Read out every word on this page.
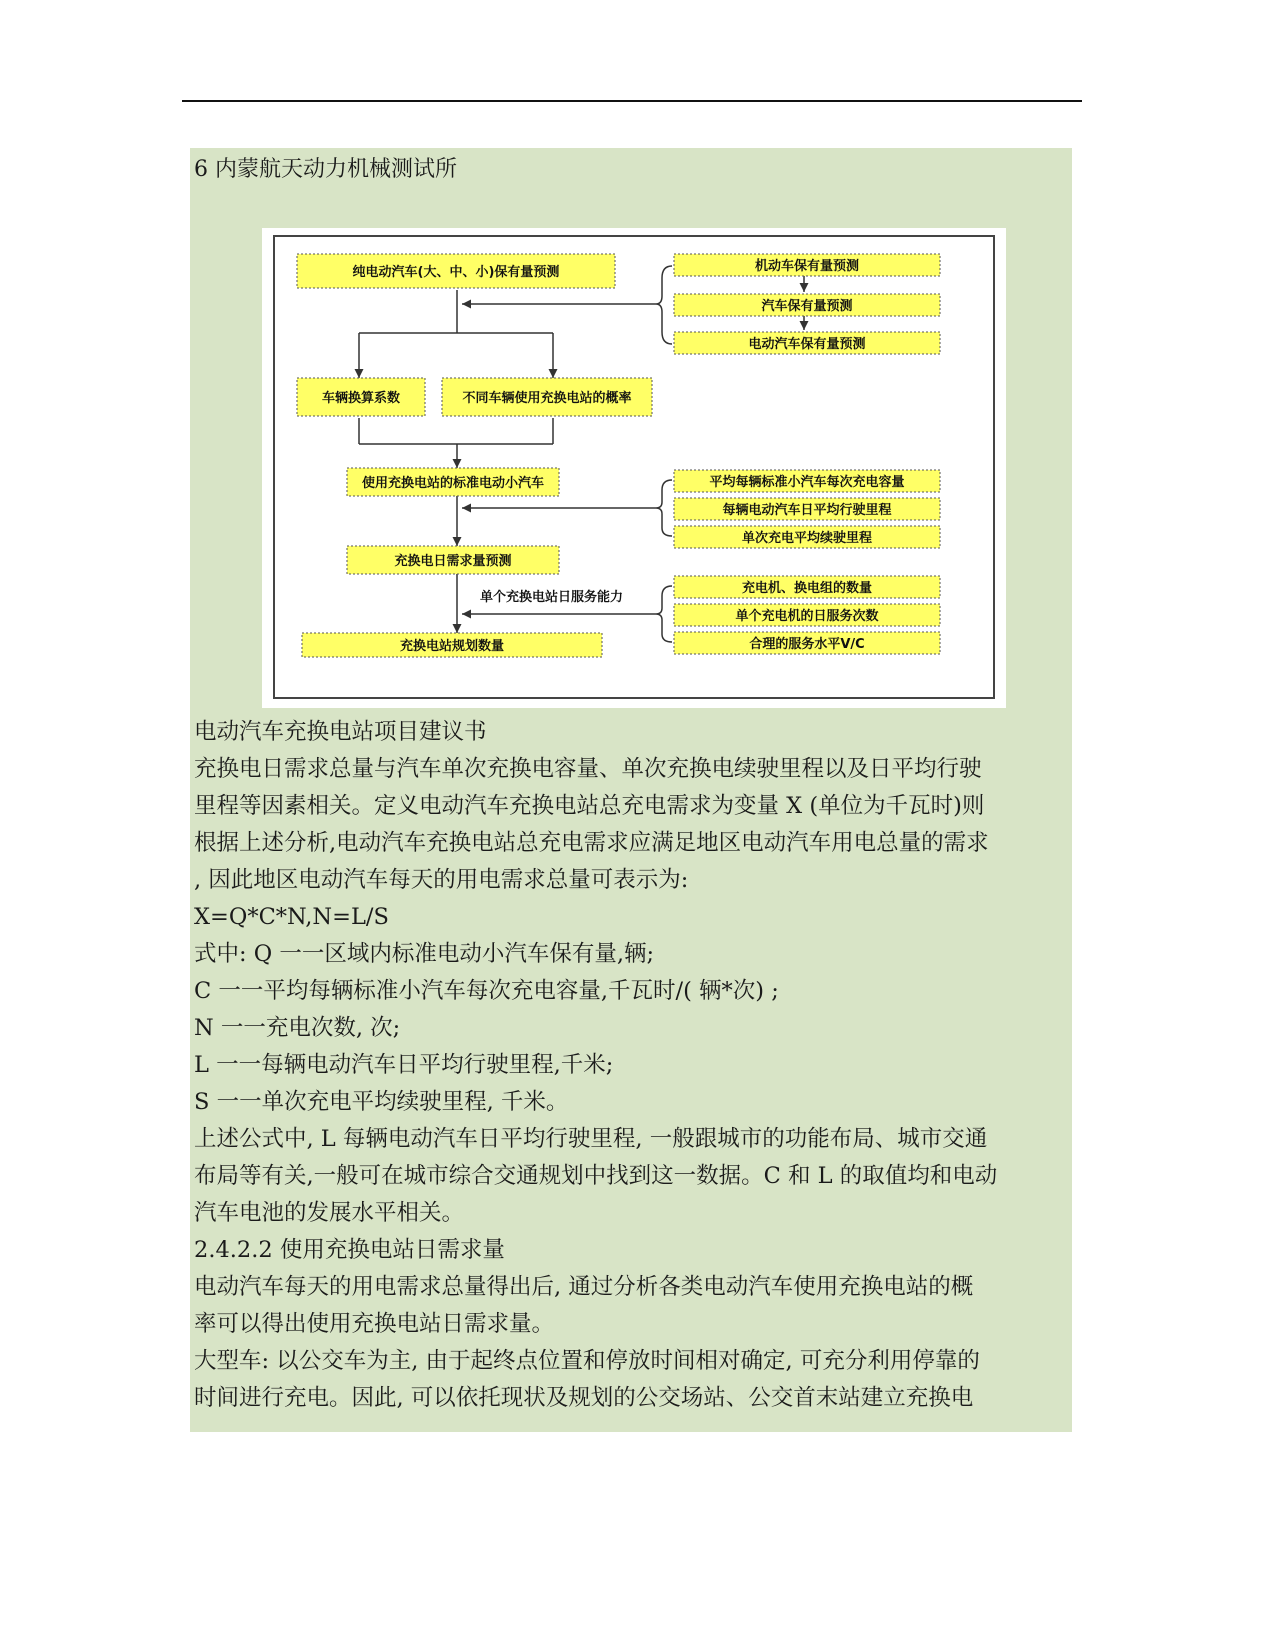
6 内蒙航天动力机械测试所
纯电动汽车(大、中、小)保有量预测	机动车保有量预测
汽车保有量预测
电动汽车保有量预测
车辆换算系数	不同车辆使用充换电站的概率
使用充换电站的标准电动小汽车	平均每辆标准小汽车每次充电容量
每辆电动汽车日平均行驶里程
单次充电平均续驶里程
充换电日需求量预测
单个充换电站日服务能力
充电机、换电组的数量
单个充电机的日服务次数
合理的服务水平V/C
充换电站规划数量

电动汽车充换电站项目建议书

充换电日需求总量与汽车单次充换电容量、单次充换电续驶里程以及日平均行驶

里程等因素相关。定义电动汽车充换电站总充电需求为变量 X (单位为千瓦时)则

根据上述分析,电动汽车充换电站总充电需求应满足地区电动汽车用电总量的需求

, 因此地区电动汽车每天的用电需求总量可表示为:

X=Q*C*N,N=L/S

式中: Q 一一区域内标准电动小汽车保有量,辆;

C 一一平均每辆标准小汽车每次充电容量,千瓦时/( 辆*次) ;

N 一一充电次数, 次;

L 一一每辆电动汽车日平均行驶里程,千米;

S 一一单次充电平均续驶里程, 千米。

上述公式中, L 每辆电动汽车日平均行驶里程, 一般跟城市的功能布局、城市交通

布局等有关,一般可在城市综合交通规划中找到这一数据。C 和 L 的取值均和电动

汽车电池的发展水平相关。

2.4.2.2 使用充换电站日需求量

电动汽车每天的用电需求总量得出后, 通过分析各类电动汽车使用充换电站的概

率可以得出使用充换电站日需求量。

大型车: 以公交车为主, 由于起终点位置和停放时间相对确定, 可充分利用停靠的

时间进行充电。因此, 可以依托现状及规划的公交场站、公交首末站建立充换电
